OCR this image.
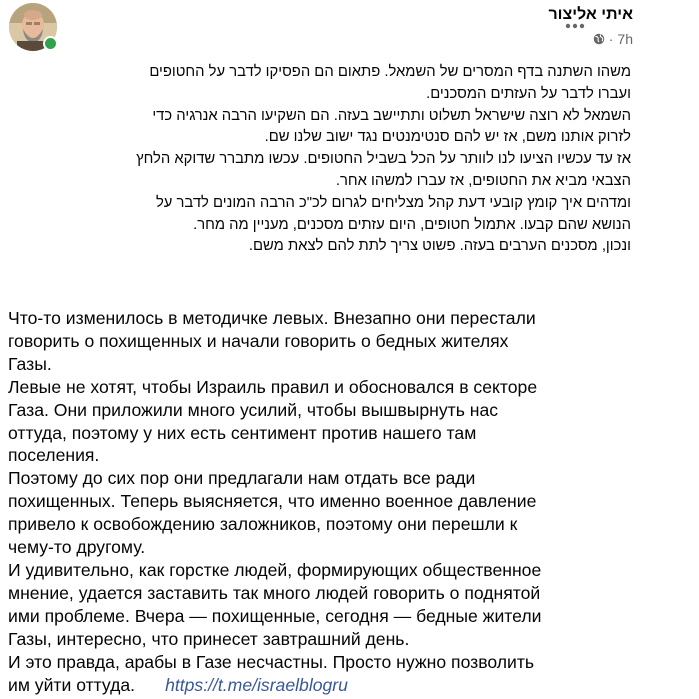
איתי אליצור
· 7h

משהו השתנה בדף המסרים של השמאל. פתאום הם הפסיקו לדבר על החטופים

ועברו לדבר על העזתים המסכנים.

השמאל לא רוצה שישראל תשלוט ותתיישב בעזה. הם השקיעו הרבה אנרגיה כדי

לזרוק אותנו משם, אז יש להם סנטימנטים נגד ישוב שלנו שם.

אז עד עכשיו הציעו לנו לוותר על הכל בשביל החטופים. עכשו מתברר שדוקא הלחץ

הצבאי מביא את החטופים, אז עברו למשהו אחר.

ומדהים איך קומץ קובעי דעת קהל מצליחים לגרום לכ"כ הרבה המונים לדבר על

הנושא שהם קבעו. אתמול חטופים, היום עזתים מסכנים, מעניין מה מחר.

ונכון, מסכנים הערבים בעזה. פשוט צריך לתת להם לצאת משם.

Что-то изменилось в методичке левых. Внезапно они перестали

говорить о похищенных и начали говорить о бедных жителях

Газы.

Левые не хотят, чтобы Израиль правил и обосновался в секторе

Газа. Они приложили много усилий, чтобы вышвырнуть нас

оттуда, поэтому у них есть сентимент против нашего там

поселения.

Поэтому до сих пор они предлагали нам отдать все ради

похищенных. Теперь выясняется, что именно военное давление

привело к освобождению заложников, поэтому они перешли к

чему-то другому.

И удивительно, как горстке людей, формирующих общественное

мнение, удается заставить так много людей говорить о поднятой

ими проблеме. Вчера — похищенные, сегодня — бедные жители

Газы, интересно, что принесет завтрашний день.

И это правда, арабы в Газе несчастны. Просто нужно позволить

им уйти оттуда. https://t.me/israelblogru
